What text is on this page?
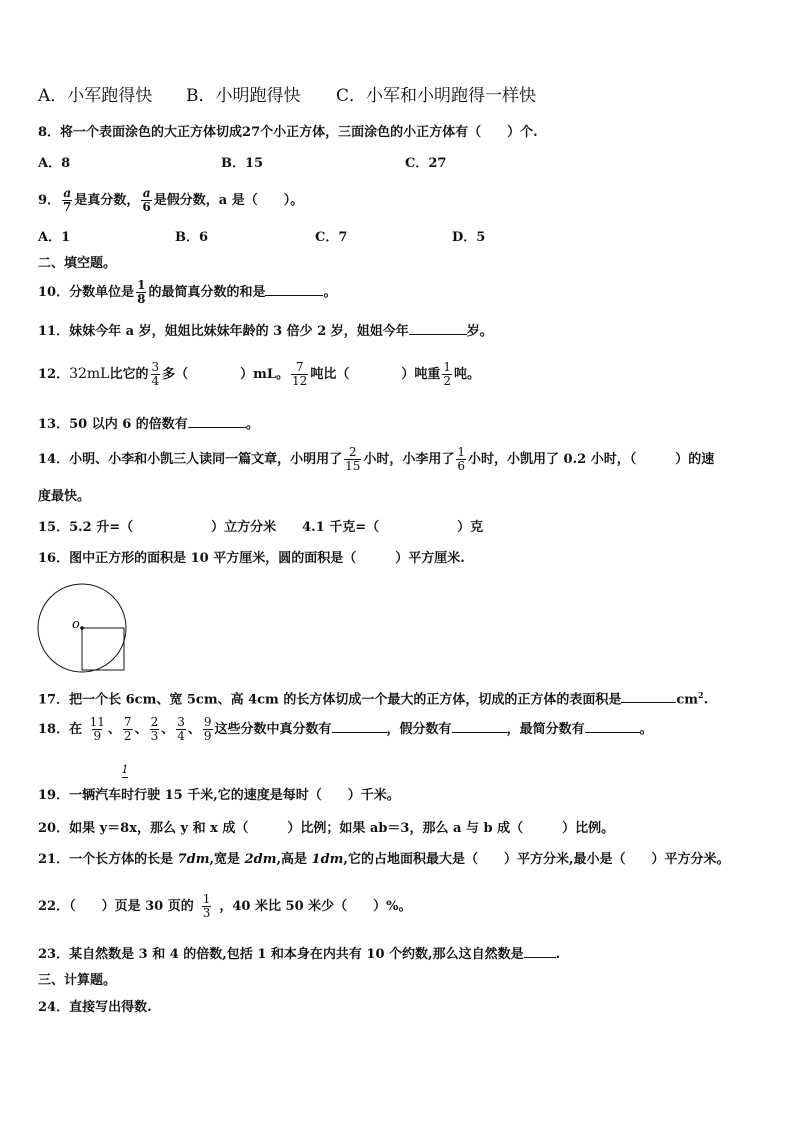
A．小军跑得快 B．小明跑得快 C．小军和小明跑得一样快
8．将一个表面涂色的大正方体切成27个小正方体，三面涂色的小正方体有（　　）个.
A．8	B．15	C．27
9． $\frac{a}{7}$ 是真分数， $\frac{a}{6}$ 是假分数，a 是（　　）。
A．1	B．6	C．7	D．5
二、填空题。
10．分数单位是 $\frac{1}{8}$ 的最简真分数的和是	。
11．妹妹今年 a 岁，姐姐比妹妹年龄的 3 倍少 2 岁，姐姐今年	岁。
12．32mL比它的 $\frac{3}{4}$ 多（　　　　）mL。 $\frac{7}{12}$ 吨比（　　　　）吨重 $\frac{1}{2}$ 吨。
13．50 以内 6 的倍数有	。
14．小明、小李和小凯三人读同一篇文章，小明用了 $\frac{2}{15}$ 小时，小李用了 $\frac{1}{6}$ 小时，小凯用了 0.2 小时，（　　　）的速
度最快。
15．5.2 升=（　　　　　　）立方分米　　4.1 千克=（　　　　　　）克
16．图中正方形的面积是 10 平方厘米，圆的面积是（　　　）平方厘米.
o
17．把一个长 6cm、宽 5cm、高 4cm 的长方体切成一个最大的正方体，切成的正方体的表面积是	$cm^2$.
18．在 $\frac{11}{9}$ 、 $\frac{7}{2}$ 、 $\frac{2}{3}$ 、 $\frac{3}{4}$ 、 $\frac{9}{9}$ 这些分数中真分数有	，假分数有	，最简分数有	。
19．一辆汽车时行驶 15 千米,它的速度是每时（　　）千米。
1
20．如果 y＝8x，那么 y 和 x 成（　　　）比例；如果 ab＝3，那么 a 与 b 成（　　　）比例。
21．一个长方体的长是 7dm,宽是 2dm,高是 1dm,它的占地面积最大是（　　）平方分米,最小是（　　）平方分米。
22．（　　）页是 30 页的 $\frac{1}{3}$ ，40 米比 50 米少（　　）%。
23．某自然数是 3 和 4 的倍数,包括 1 和本身在内共有 10 个约数,那么这自然数是 .
三、计算题。
24．直接写出得数.
